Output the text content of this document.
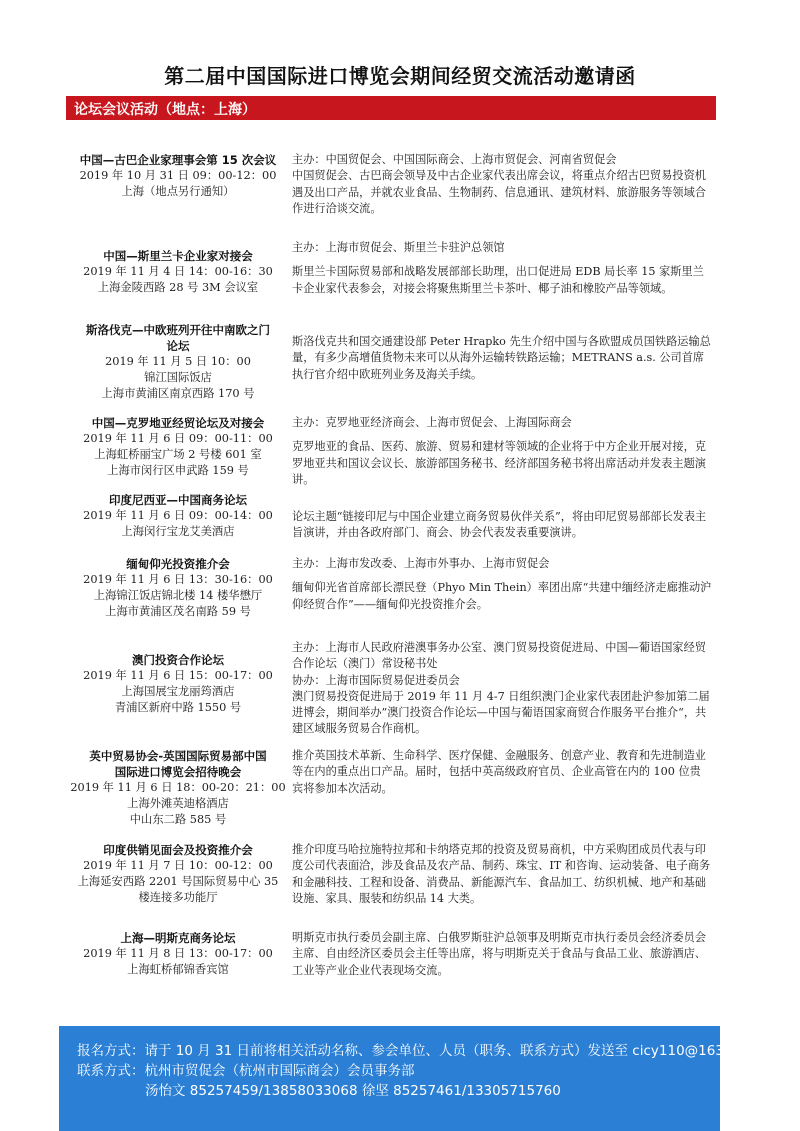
第二届中国国际进口博览会期间经贸交流活动邀请函
论坛会议活动（地点：上海）
中国—古巴企业家理事会第 15 次会议
2019 年 10 月 31 日 09：00-12：00
上海（地点另行通知）

主办：中国贸促会、中国国际商会、上海市贸促会、河南省贸促会

中国贸促会、古巴商会领导及中古企业家代表出席会议，将重点介绍古巴贸易投资机遇及出口产品，并就农业食品、生物制药、信息通讯、建筑材料、旅游服务等领域合作进行洽谈交流。

中国—斯里兰卡企业家对接会
2019 年 11 月 4 日 14：00-16：30
上海金陵西路 28 号 3M 会议室

主办：上海市贸促会、斯里兰卡驻沪总领馆

斯里兰卡国际贸易部和战略发展部部长助理，出口促进局 EDB 局长率 15 家斯里兰卡企业家代表参会，对接会将聚焦斯里兰卡茶叶、椰子油和橡胶产品等领域。

斯洛伐克—中欧班列开往中南欧之门
论坛
2019 年 11 月 5 日 10：00
锦江国际饭店
上海市黄浦区南京西路 170 号

斯洛伐克共和国交通建设部 Peter Hrapko 先生介绍中国与各欧盟成员国铁路运输总量，有多少高增值货物未来可以从海外运输转铁路运输；METRANS a.s. 公司首席执行官介绍中欧班列业务及海关手续。

中国—克罗地亚经贸论坛及对接会
2019 年 11 月 6 日 09：00-11：00
上海虹桥丽宝广场 2 号楼 601 室
上海市闵行区申武路 159 号

主办：克罗地亚经济商会、上海市贸促会、上海国际商会

克罗地亚的食品、医药、旅游、贸易和建材等领域的企业将于中方企业开展对接，克罗地亚共和国议会议长、旅游部国务秘书、经济部国务秘书将出席活动并发表主题演讲。

印度尼西亚—中国商务论坛
2019 年 11 月 6 日 09：00-14：00
上海闵行宝龙艾美酒店

论坛主题“链接印尼与中国企业建立商务贸易伙伴关系”，将由印尼贸易部部长发表主旨演讲，并由各政府部门、商会、协会代表发表重要演讲。

缅甸仰光投资推介会
2019 年 11 月 6 日 13：30-16：00
上海锦江饭店锦北楼 14 楼华懋厅
上海市黄浦区茂名南路 59 号

主办：上海市发改委、上海市外事办、上海市贸促会

缅甸仰光省首席部长漂民登（Phyo Min Thein）率团出席“共建中缅经济走廊推动沪仰经贸合作”——缅甸仰光投资推介会。

澳门投资合作论坛
2019 年 11 月 6 日 15：00-17：00
上海国展宝龙丽筠酒店
青浦区新府中路 1550 号

主办：上海市人民政府港澳事务办公室、澳门贸易投资促进局、中国—葡语国家经贸合作论坛（澳门）常设秘书处

协办：上海市国际贸易促进委员会

澳门贸易投资促进局于 2019 年 11 月 4-7 日组织澳门企业家代表团赴沪参加第二届进博会，期间举办”澳门投资合作论坛—中国与葡语国家商贸合作服务平台推介“，共建区域服务贸易合作商机。

英中贸易协会-英国国际贸易部中国
国际进口博览会招待晚会
2019 年 11 月 6 日 18：00-20：21：00
上海外滩英迪格酒店
中山东二路 585 号

推介英国技术革新、生命科学、医疗保健、金融服务、创意产业、教育和先进制造业等在内的重点出口产品。届时，包括中英高级政府官员、企业高管在内的 100 位贵宾将参加本次活动。

印度供销见面会及投资推介会
2019 年 11 月 7 日 10：00-12：00
上海延安西路 2201 号国际贸易中心 35
楼连接多功能厅

推介印度马哈拉施特拉邦和卡纳塔克邦的投资及贸易商机，中方采购团成员代表与印度公司代表面洽，涉及食品及农产品、制药、珠宝、IT 和咨询、运动装备、电子商务和金融科技、工程和设备、消费品、新能源汽车、食品加工、纺织机械、地产和基础设施、家具、服装和纺织品 14 大类。

上海—明斯克商务论坛
2019 年 11 月 8 日 13：00-17：00
上海虹桥郁锦香宾馆

明斯克市执行委员会副主席、白俄罗斯驻沪总领事及明斯克市执行委员会经济委员会主席、自由经济区委员会主任等出席，将与明斯克关于食品与食品工业、旅游酒店、工业等产业企业代表现场交流。

报名方式：请于 10 月 31 日前将相关活动名称、参会单位、人员（职务、联系方式）发送至 cicy110@163.com
联系方式：杭州市贸促会（杭州市国际商会）会员事务部
汤怡文 85257459/13858033068 徐坚 85257461/13305715760
